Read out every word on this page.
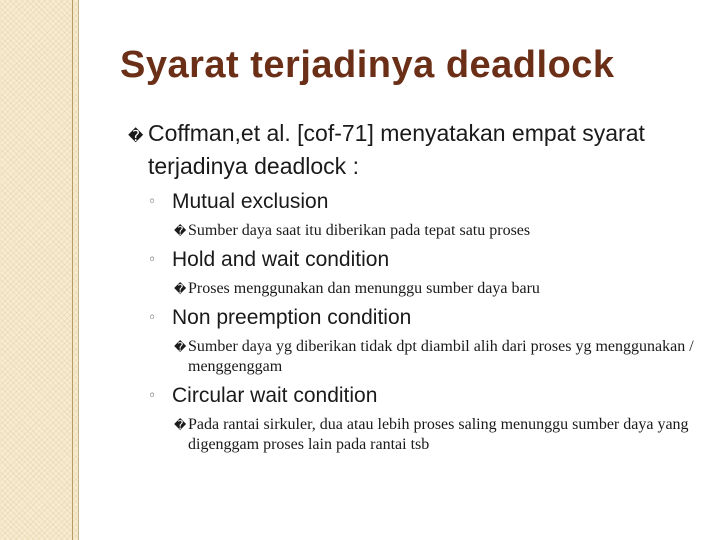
Syarat terjadinya deadlock
� Coffman,et al. [cof-71] menyatakan empat syarat terjadinya deadlock :
◦ Mutual exclusion
� Sumber daya saat itu diberikan pada tepat satu proses
◦ Hold and wait condition
� Proses menggunakan dan menunggu sumber daya baru
◦ Non preemption condition
� Sumber daya yg diberikan tidak dpt diambil alih dari proses yg menggunakan / menggenggam
◦ Circular wait condition
� Pada rantai sirkuler, dua atau lebih proses saling menunggu sumber daya yang digenggam proses lain pada rantai tsb
